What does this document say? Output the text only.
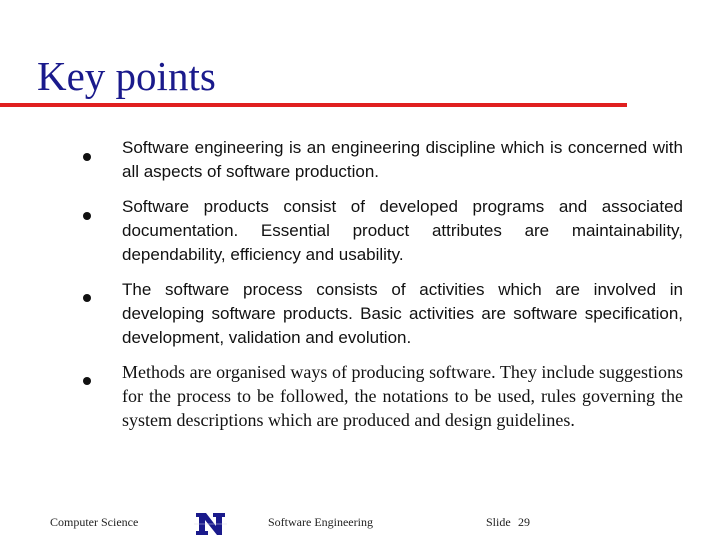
Key points
Software engineering is an engineering discipline which is concerned with all aspects of software production.
Software products consist of developed programs and associated documentation. Essential product attributes are maintainability, dependability, efficiency and usability.
The software process consists of activities which are involved in developing software products. Basic activities are software specification, development, validation and evolution.
Methods are organised ways of producing software. They include suggestions for the process to be followed, the notations to be used, rules governing the system descriptions which are produced and design guidelines.
Computer Science	Software Engineering	Slide 29
